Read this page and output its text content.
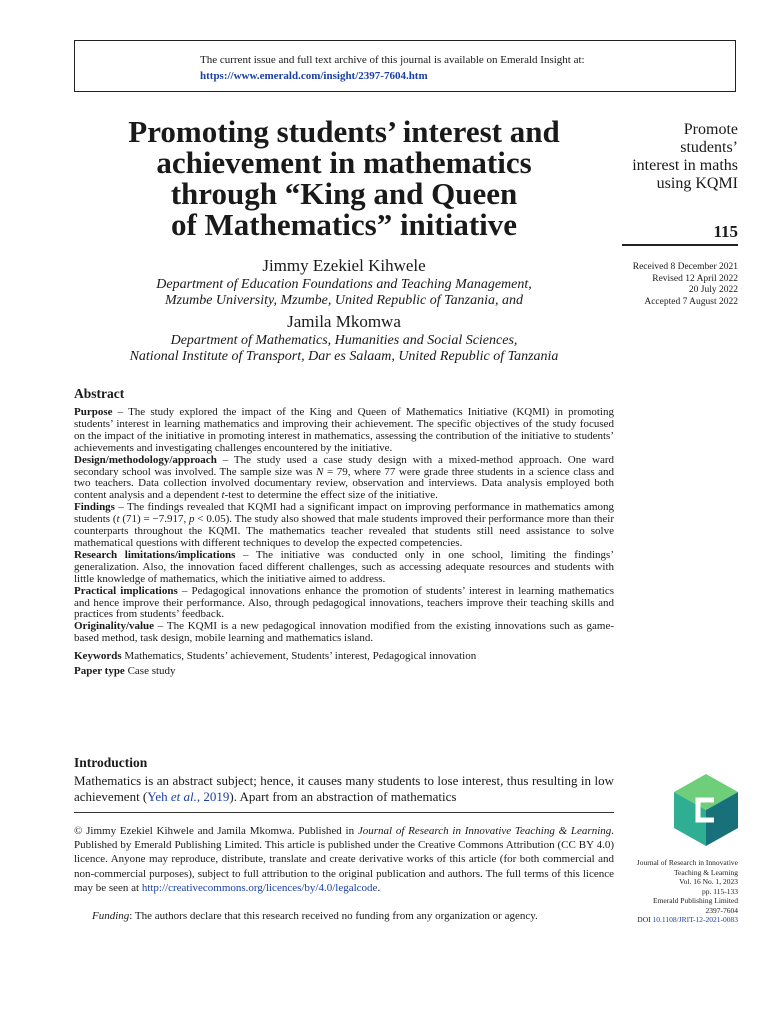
The current issue and full text archive of this journal is available on Emerald Insight at:
https://www.emerald.com/insight/2397-7604.htm
Promoting students’ interest and
achievement in mathematics
through “King and Queen
of Mathematics” initiative
Jimmy Ezekiel Kihwele
Department of Education Foundations and Teaching Management,
Mzumbe University, Mzumbe, United Republic of Tanzania, and
Jamila Mkomwa
Department of Mathematics, Humanities and Social Sciences,
National Institute of Transport, Dar es Salaam, United Republic of Tanzania
Promote
students’
interest in maths
using KQMI
115
Received 8 December 2021
Revised 12 April 2022
20 July 2022
Accepted 7 August 2022
Abstract

Purpose – The study explored the impact of the King and Queen of Mathematics Initiative (KQMI) in promoting students’ interest in learning mathematics and improving their achievement. The specific objectives of the study focused on the impact of the initiative in promoting interest in mathematics, assessing the contribution of the initiative to students’ achievements and investigating challenges encountered by the initiative.

Design/methodology/approach – The study used a case study design with a mixed-method approach. One ward secondary school was involved. The sample size was N = 79, where 77 were grade three students in a science class and two teachers. Data collection involved documentary review, observation and interviews. Data analysis employed both content analysis and a dependent t-test to determine the effect size of the initiative.

Findings – The findings revealed that KQMI had a significant impact on improving performance in mathematics among students (t (71) = −7.917, p < 0.05). The study also showed that male students improved their performance more than their counterparts throughout the KQMI. The mathematics teacher revealed that students still need assistance to solve mathematical questions with different techniques to develop the expected competencies.

Research limitations/implications – The initiative was conducted only in one school, limiting the findings’ generalization. Also, the innovation faced different challenges, such as accessing adequate resources and students with little knowledge of mathematics, which the initiative aimed to address.

Practical implications – Pedagogical innovations enhance the promotion of students’ interest in learning mathematics and hence improve their performance. Also, through pedagogical innovations, teachers improve their teaching skills and practices from students’ feedback.

Originality/value – The KQMI is a new pedagogical innovation modified from the existing innovations such as game-based method, task design, mobile learning and mathematics island.

Keywords Mathematics, Students’ achievement, Students’ interest, Pedagogical innovation
Paper type Case study
Introduction

Mathematics is an abstract subject; hence, it causes many students to lose interest, thus resulting in low achievement (Yeh et al., 2019). Apart from an abstraction of mathematics

© Jimmy Ezekiel Kihwele and Jamila Mkomwa. Published in Journal of Research in Innovative Teaching & Learning. Published by Emerald Publishing Limited. This article is published under the Creative Commons Attribution (CC BY 4.0) licence. Anyone may reproduce, distribute, translate and create derivative works of this article (for both commercial and non-commercial purposes), subject to full attribution to the original publication and authors. The full terms of this licence may be seen at http://creativecommons.org/licences/by/4.0/legalcode.

Funding: The authors declare that this research received no funding from any organization or agency.

Journal of Research in Innovative
Teaching & Learning
Vol. 16 No. 1, 2023
pp. 115-133
Emerald Publishing Limited
2397-7604
DOI 10.1108/JRIT-12-2021-0083
